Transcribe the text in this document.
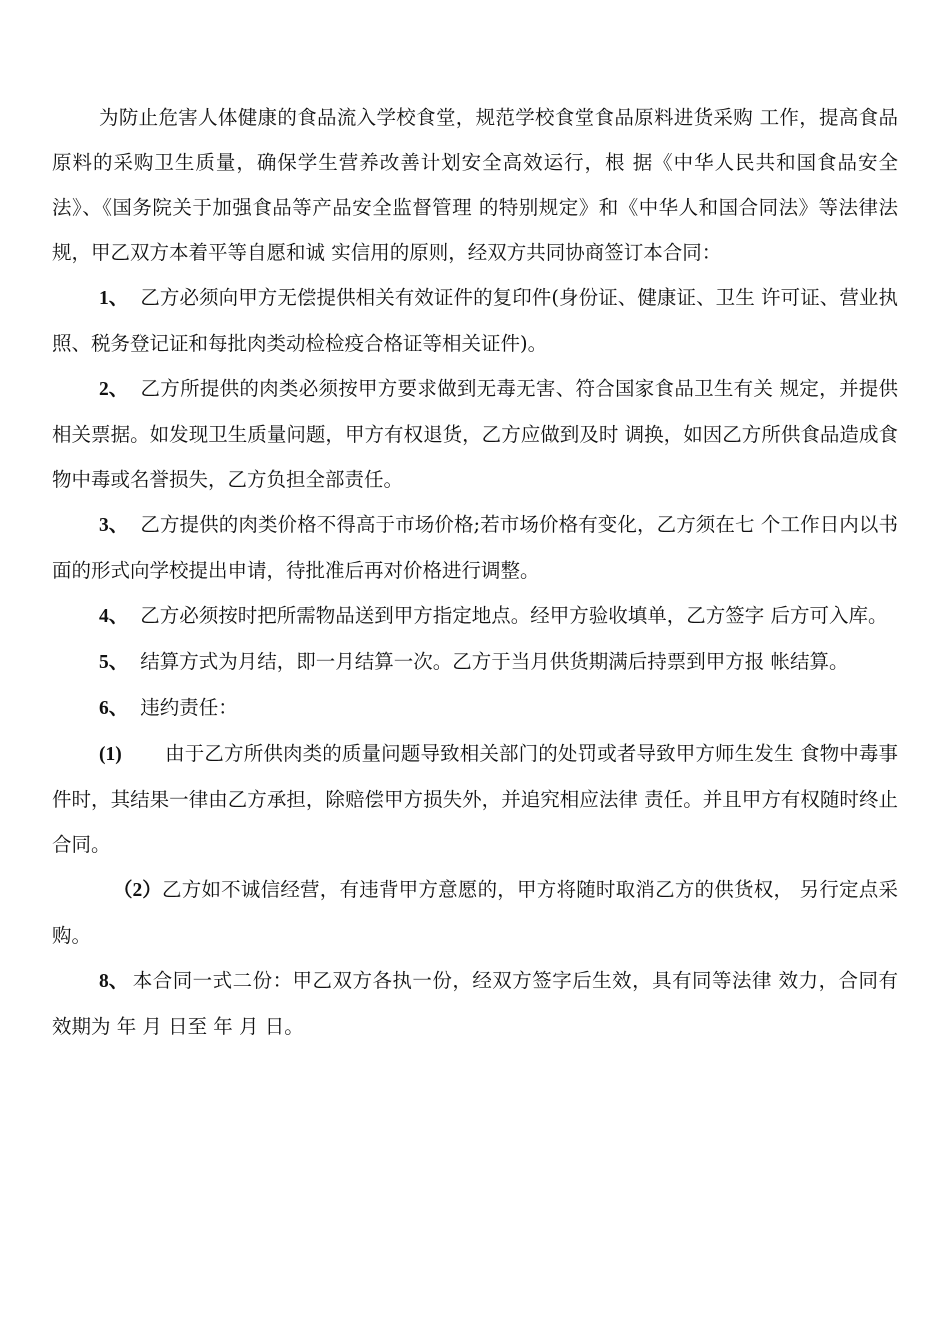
为防止危害人体健康的食品流入学校食堂，规范学校食堂食品原料进货采购 工作，提高食品原料的采购卫生质量，确保学生营养改善计划安全高效运行，根 据《中华人民共和国食品安全法》、《国务院关于加强食品等产品安全监督管理 的特别规定》和《中华人和国合同法》等法律法规，甲乙双方本着平等自愿和诚 实信用的原则，经双方共同协商签订本合同：

1、 乙方必须向甲方无偿提供相关有效证件的复印件(身份证、健康证、卫生 许可证、营业执照、税务登记证和每批肉类动检检疫合格证等相关证件)。

2、 乙方所提供的肉类必须按甲方要求做到无毒无害、符合国家食品卫生有关 规定，并提供相关票据。如发现卫生质量问题，甲方有权退货，乙方应做到及时 调换，如因乙方所供食品造成食物中毒或名誉损失，乙方负担全部责任。

3、 乙方提供的肉类价格不得高于市场价格;若市场价格有变化，乙方须在七 个工作日内以书面的形式向学校提出申请，待批准后再对价格进行调整。

4、 乙方必须按时把所需物品送到甲方指定地点。经甲方验收填单，乙方签字 后方可入库。

5、 结算方式为月结，即一月结算一次。乙方于当月供货期满后持票到甲方报 帐结算。

6、 违约责任：

(1) 由于乙方所供肉类的质量问题导致相关部门的处罚或者导致甲方师生发生 食物中毒事件时，其结果一律由乙方承担，除赔偿甲方损失外，并追究相应法律 责任。并且甲方有权随时终止合同。

（2）乙方如不诚信经营，有违背甲方意愿的，甲方将随时取消乙方的供货权， 另行定点采购。

8、 本合同一式二份：甲乙双方各执一份，经双方签字后生效，具有同等法律 效力，合同有效期为 年 月 日至 年 月 日。
